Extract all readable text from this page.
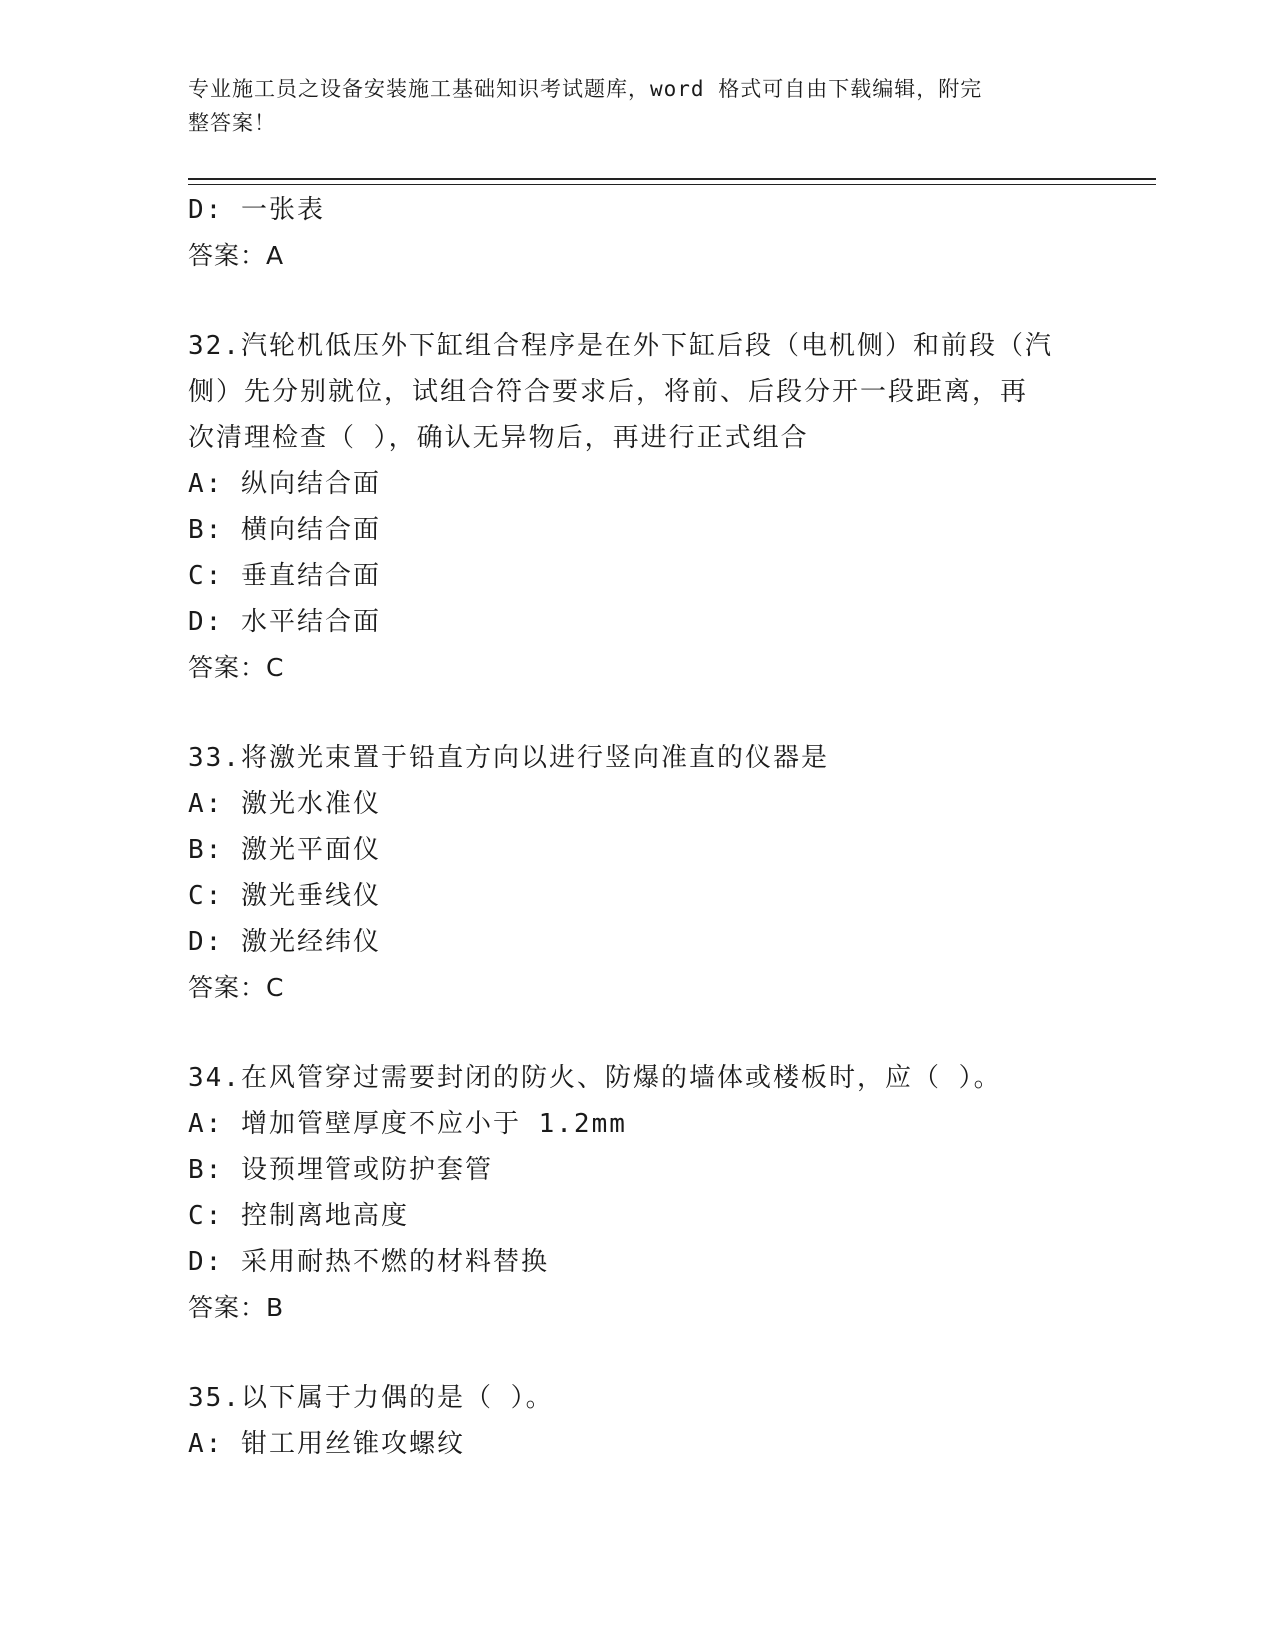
专业施工员之设备安装施工基础知识考试题库，word 格式可自由下载编辑，附完
整答案！
D: 一张表
答案：A
32.汽轮机低压外下缸组合程序是在外下缸后段（电机侧）和前段（汽
侧）先分别就位，试组合符合要求后，将前、后段分开一段距离，再
次清理检查（ ），确认无异物后，再进行正式组合
A: 纵向结合面
B: 横向结合面
C: 垂直结合面
D: 水平结合面
答案：C
33.将激光束置于铅直方向以进行竖向准直的仪器是
A: 激光水准仪
B: 激光平面仪
C: 激光垂线仪
D: 激光经纬仪
答案：C
34.在风管穿过需要封闭的防火、防爆的墙体或楼板时，应（ ）。
A: 增加管壁厚度不应小于 1.2mm
B: 设预埋管或防护套管
C: 控制离地高度
D: 采用耐热不燃的材料替换
答案：B
35.以下属于力偶的是（ ）。
A: 钳工用丝锥攻螺纹
